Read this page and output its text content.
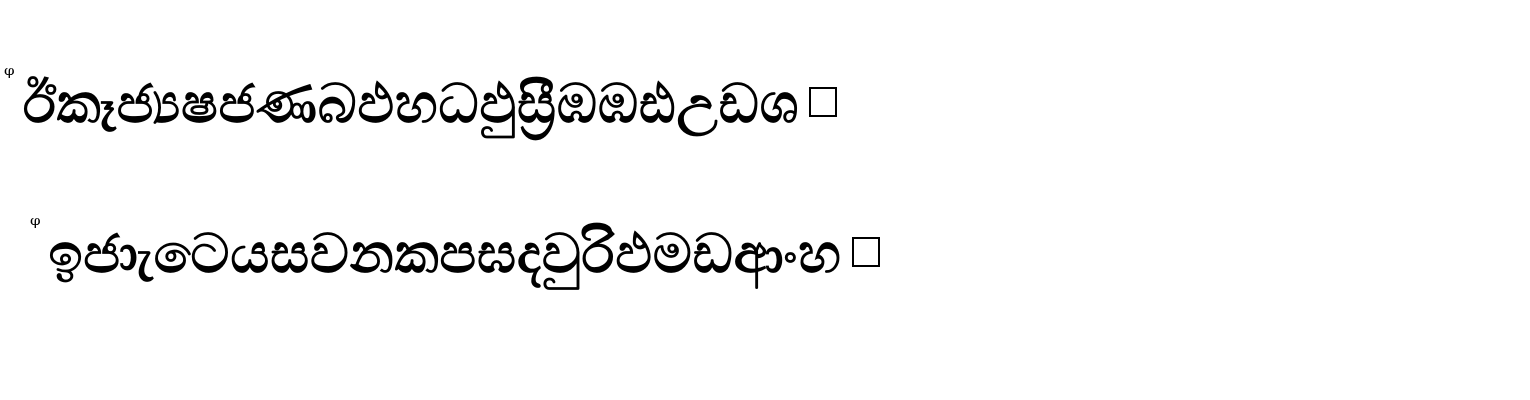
ᵠ ඊකෑජ්‍යෂජණබඵහධඵුස්‍රීඹඹඪඋඩශ
ᵠ ඉජාැටෙයසවනකපඝදවුරිඵමඩආංහ
